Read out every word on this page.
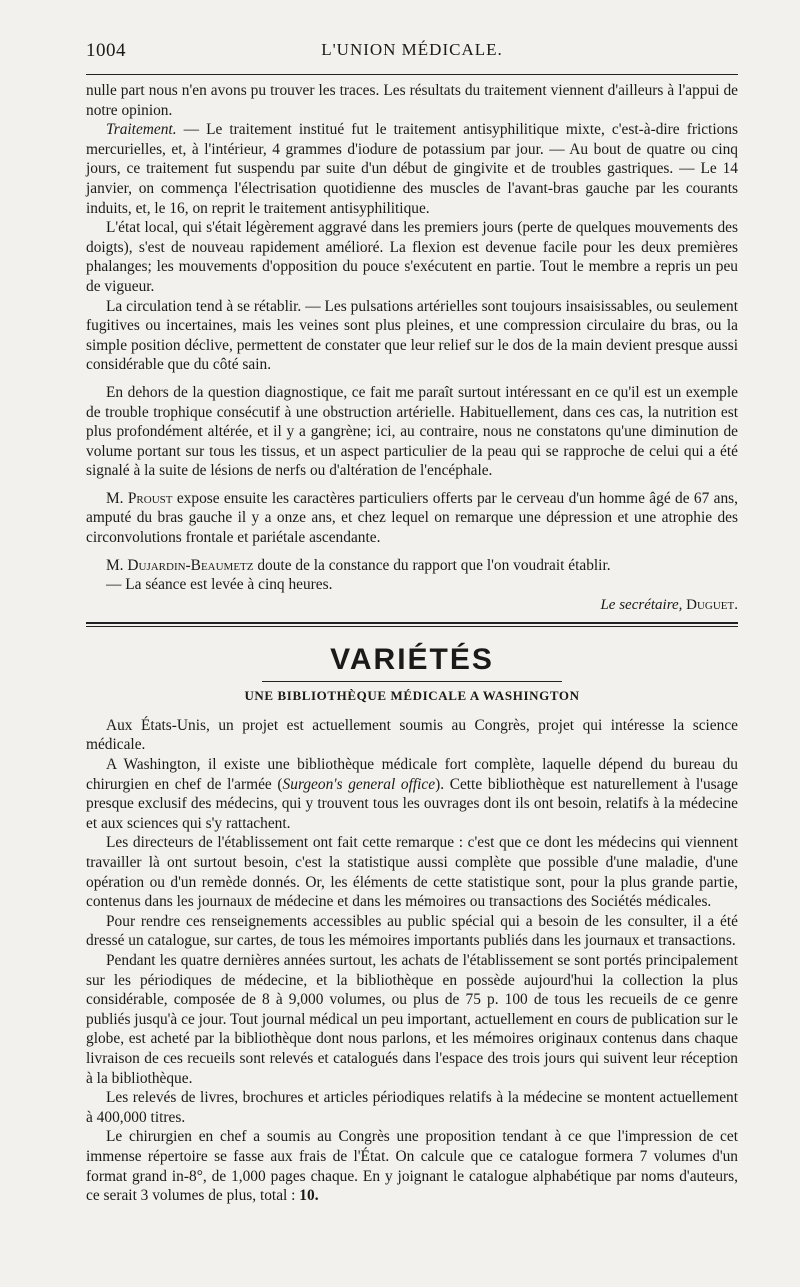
1004	L'UNION MÉDICALE.

nulle part nous n'en avons pu trouver les traces. Les résultats du traitement viennent d'ailleurs à l'appui de notre opinion.

Traitement. — Le traitement institué fut le traitement antisyphilitique mixte, c'est-à-dire frictions mercurielles, et, à l'intérieur, 4 grammes d'iodure de potassium par jour. — Au bout de quatre ou cinq jours, ce traitement fut suspendu par suite d'un début de gingivite et de troubles gastriques. — Le 14 janvier, on commença l'électrisation quotidienne des muscles de l'avant-bras gauche par les courants induits, et, le 16, on reprit le traitement antisyphilitique.

L'état local, qui s'était légèrement aggravé dans les premiers jours (perte de quelques mouvements des doigts), s'est de nouveau rapidement amélioré. La flexion est devenue facile pour les deux premières phalanges; les mouvements d'opposition du pouce s'exécutent en partie. Tout le membre a repris un peu de vigueur.

La circulation tend à se rétablir. — Les pulsations artérielles sont toujours insaisissables, ou seulement fugitives ou incertaines, mais les veines sont plus pleines, et une compression circulaire du bras, ou la simple position déclive, permettent de constater que leur relief sur le dos de la main devient presque aussi considérable que du côté sain.

En dehors de la question diagnostique, ce fait me paraît surtout intéressant en ce qu'il est un exemple de trouble trophique consécutif à une obstruction artérielle. Habituellement, dans ces cas, la nutrition est plus profondément altérée, et il y a gangrène; ici, au contraire, nous ne constatons qu'une diminution de volume portant sur tous les tissus, et un aspect particulier de la peau qui se rapproche de celui qui a été signalé à la suite de lésions de nerfs ou d'altération de l'encéphale.

M. Proust expose ensuite les caractères particuliers offerts par le cerveau d'un homme âgé de 67 ans, amputé du bras gauche il y a onze ans, et chez lequel on remarque une dépression et une atrophie des circonvolutions frontale et pariétale ascendante.

M. Dujardin-Beaumetz doute de la constance du rapport que l'on voudrait établir.

— La séance est levée à cinq heures.

Le secrétaire, Duguet.
VARIÉTÉS
UNE BIBLIOTHÈQUE MÉDICALE A WASHINGTON

Aux États-Unis, un projet est actuellement soumis au Congrès, projet qui intéresse la science médicale.

A Washington, il existe une bibliothèque médicale fort complète, laquelle dépend du bureau du chirurgien en chef de l'armée (Surgeon's general office). Cette bibliothèque est naturellement à l'usage presque exclusif des médecins, qui y trouvent tous les ouvrages dont ils ont besoin, relatifs à la médecine et aux sciences qui s'y rattachent.

Les directeurs de l'établissement ont fait cette remarque : c'est que ce dont les médecins qui viennent travailler là ont surtout besoin, c'est la statistique aussi complète que possible d'une maladie, d'une opération ou d'un remède donnés. Or, les éléments de cette statistique sont, pour la plus grande partie, contenus dans les journaux de médecine et dans les mémoires ou transactions des Sociétés médicales.

Pour rendre ces renseignements accessibles au public spécial qui a besoin de les consulter, il a été dressé un catalogue, sur cartes, de tous les mémoires importants publiés dans les journaux et transactions.

Pendant les quatre dernières années surtout, les achats de l'établissement se sont portés principalement sur les périodiques de médecine, et la bibliothèque en possède aujourd'hui la collection la plus considérable, composée de 8 à 9,000 volumes, ou plus de 75 p. 100 de tous les recueils de ce genre publiés jusqu'à ce jour. Tout journal médical un peu important, actuellement en cours de publication sur le globe, est acheté par la bibliothèque dont nous parlons, et les mémoires originaux contenus dans chaque livraison de ces recueils sont relevés et catalogués dans l'espace des trois jours qui suivent leur réception à la bibliothèque.

Les relevés de livres, brochures et articles périodiques relatifs à la médecine se montent actuellement à 400,000 titres.

Le chirurgien en chef a soumis au Congrès une proposition tendant à ce que l'impression de cet immense répertoire se fasse aux frais de l'État. On calcule que ce catalogue formera 7 volumes d'un format grand in-8°, de 1,000 pages chaque. En y joignant le catalogue alphabétique par noms d'auteurs, ce serait 3 volumes de plus, total : 10.
